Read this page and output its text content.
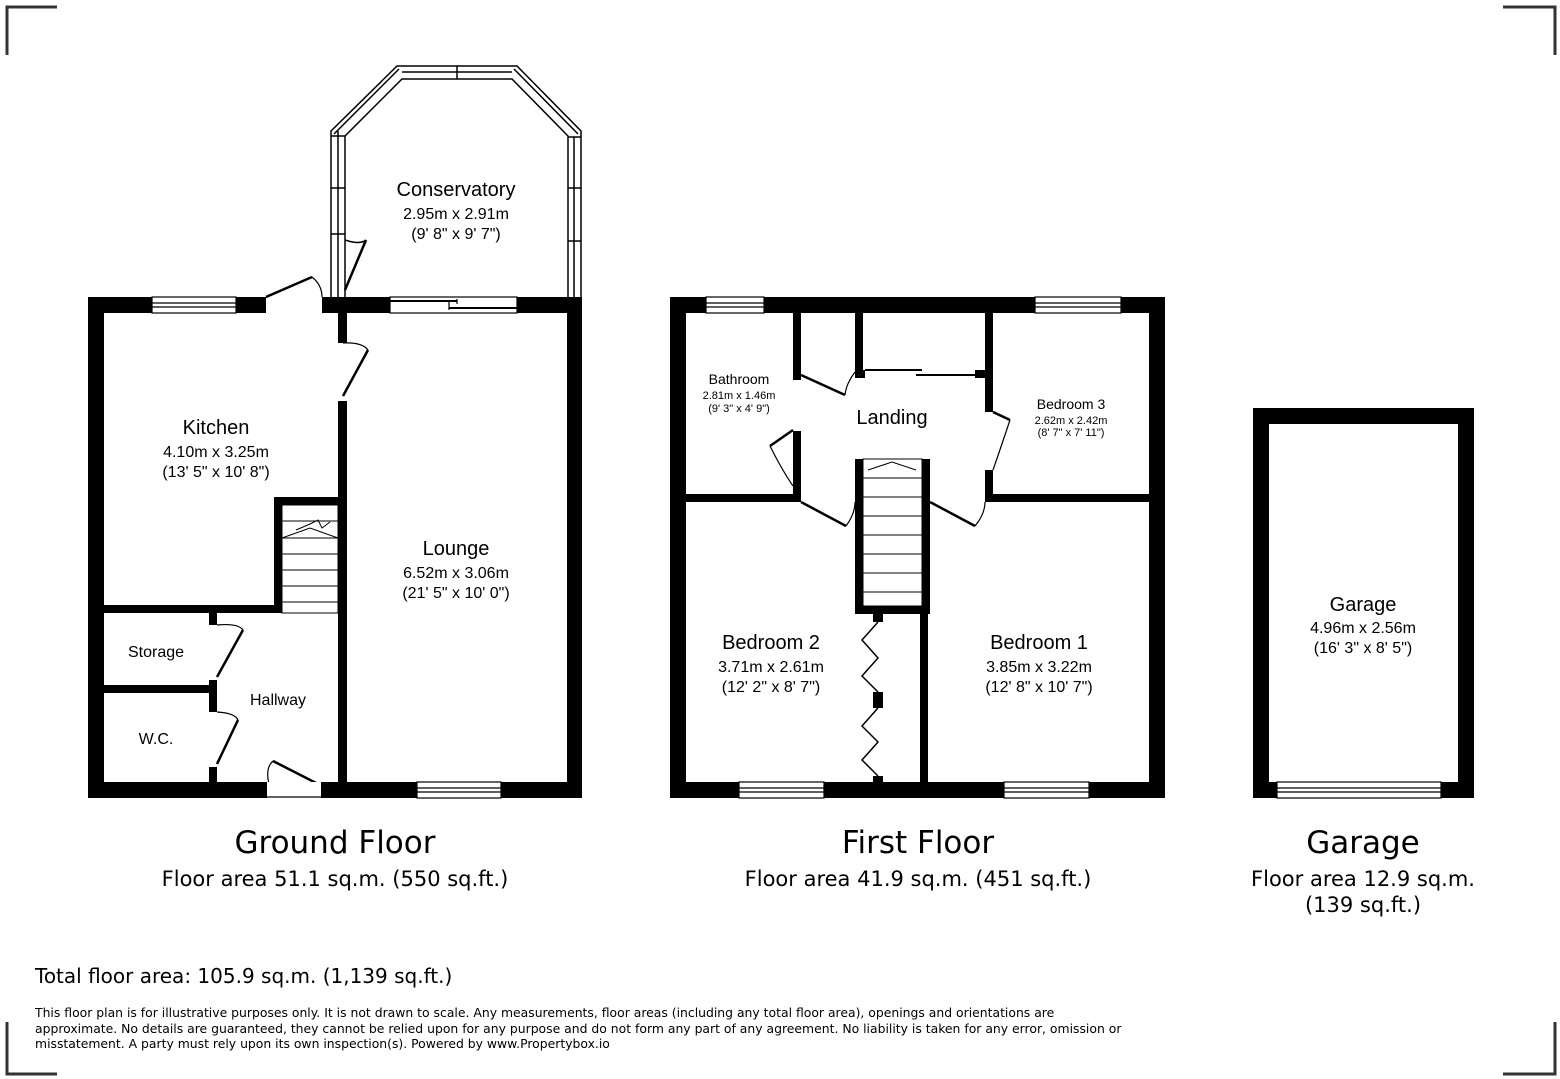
Conservatory
2.95m x 2.91m
(9' 8" x 9' 7")
Kitchen
4.10m x 3.25m
(13' 5" x 10' 8")
Lounge
6.52m x 3.06m
(21' 5" x 10' 0")
Storage
Hallway
W.C.
Ground Floor
Floor area 51.1 sq.m. (550 sq.ft.)
Bathroom
2.81m x 1.46m
(9' 3" x 4' 9")	Landing
Bedroom 3
2.62m x 2.42m
(8' 7" x 7' 11")
Bedroom 2
3.71m x 2.61m
(12' 2" x 8' 7")
Bedroom 1
3.85m x 3.22m
(12' 8" x 10' 7")
First Floor
Floor area 41.9 sq.m. (451 sq.ft.)
Garage
4.96m x 2.56m
(16' 3" x 8' 5")
Garage
Floor area 12.9 sq.m.
(139 sq.ft.)
Total floor area: 105.9 sq.m. (1,139 sq.ft.)
This floor plan is for illustrative purposes only. It is not drawn to scale. Any measurements, floor areas (including any total floor area), openings and orientations are approximate. No details are guaranteed, they cannot be relied upon for any purpose and do not form any part of any agreement. No liability is taken for any error, omission or misstatement. A party must rely upon its own inspection(s). Powered by www.Propertybox.io
